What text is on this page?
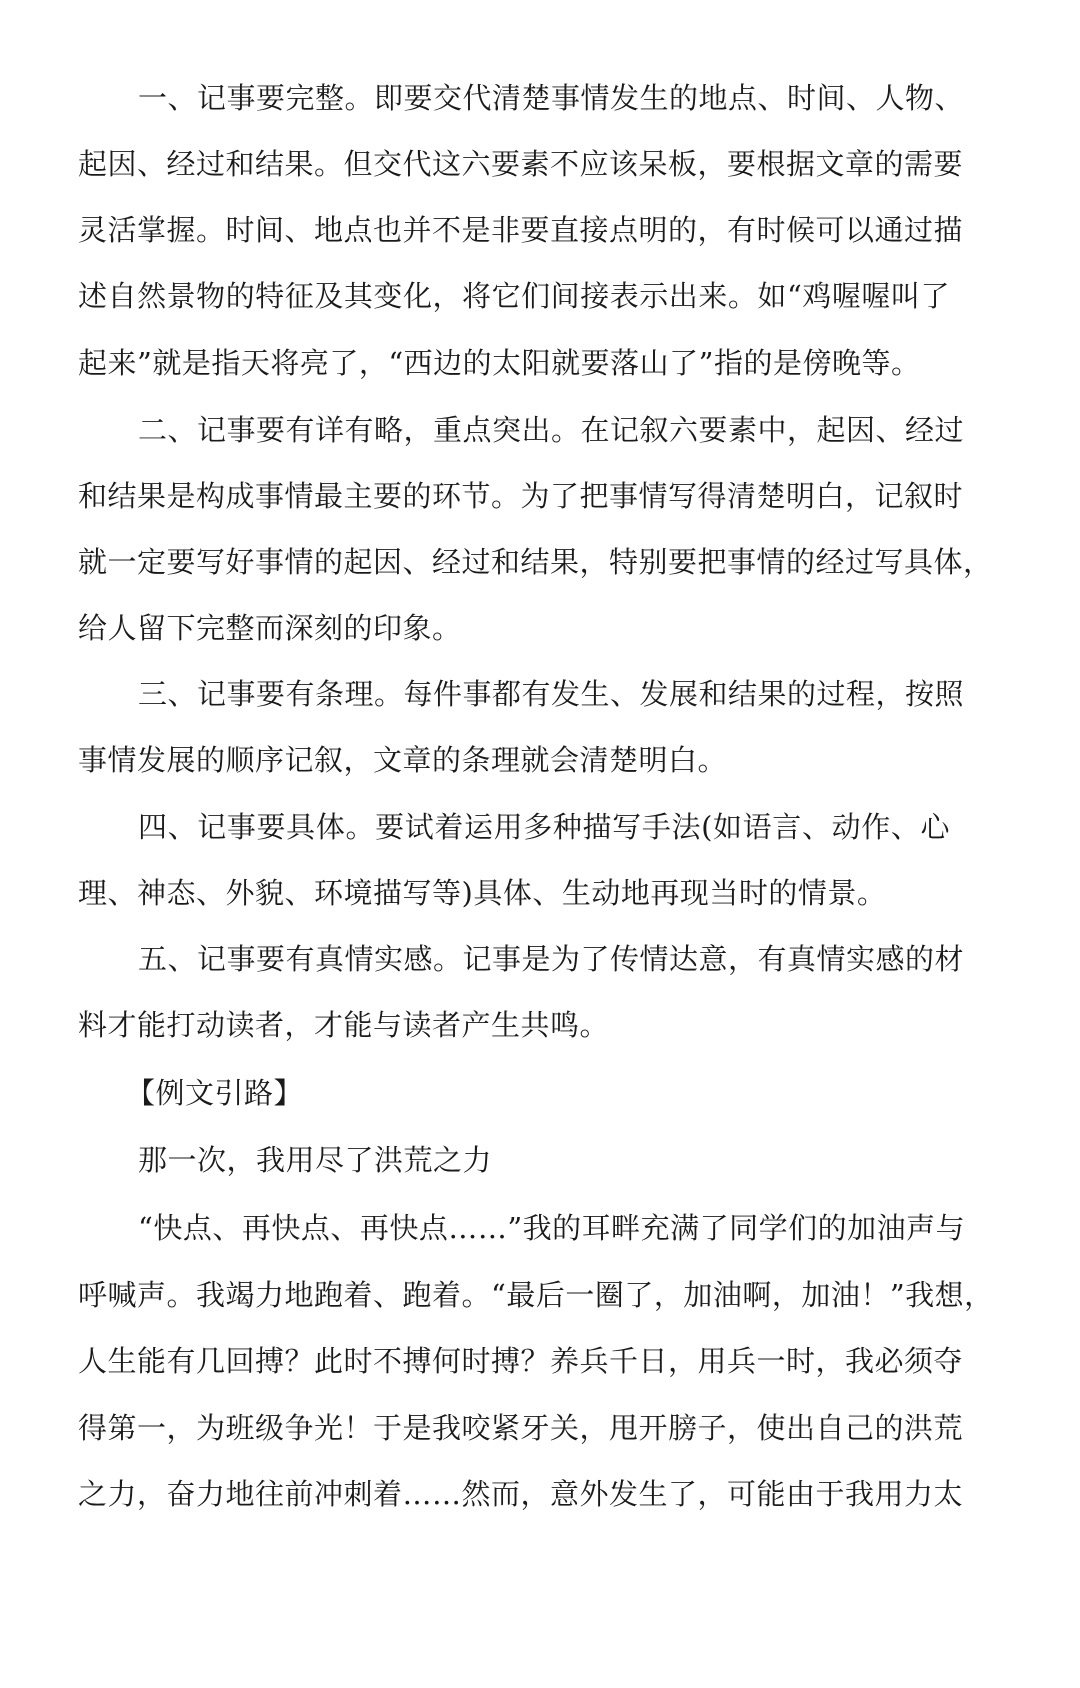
一、记事要完整。即要交代清楚事情发生的地点、时间、人物、
起因、经过和结果。但交代这六要素不应该呆板，要根据文章的需要
灵活掌握。时间、地点也并不是非要直接点明的，有时候可以通过描
述自然景物的特征及其变化，将它们间接表示出来。如“鸡喔喔叫了
起来”就是指天将亮了，“西边的太阳就要落山了”指的是傍晚等。
二、记事要有详有略，重点突出。在记叙六要素中，起因、经过
和结果是构成事情最主要的环节。为了把事情写得清楚明白，记叙时
就一定要写好事情的起因、经过和结果，特别要把事情的经过写具体，
给人留下完整而深刻的印象。
三、记事要有条理。每件事都有发生、发展和结果的过程，按照
事情发展的顺序记叙，文章的条理就会清楚明白。
四、记事要具体。要试着运用多种描写手法(如语言、动作、心
理、神态、外貌、环境描写等)具体、生动地再现当时的情景。
五、记事要有真情实感。记事是为了传情达意，有真情实感的材
料才能打动读者，才能与读者产生共鸣。
【例文引路】
那一次，我用尽了洪荒之力
“快点、再快点、再快点……”我的耳畔充满了同学们的加油声与
呼喊声。我竭力地跑着、跑着。“最后一圈了，加油啊，加油！”我想，
人生能有几回搏？此时不搏何时搏？养兵千日，用兵一时，我必须夺
得第一，为班级争光！于是我咬紧牙关，甩开膀子，使出自己的洪荒
之力，奋力地往前冲刺着……然而，意外发生了，可能由于我用力太
